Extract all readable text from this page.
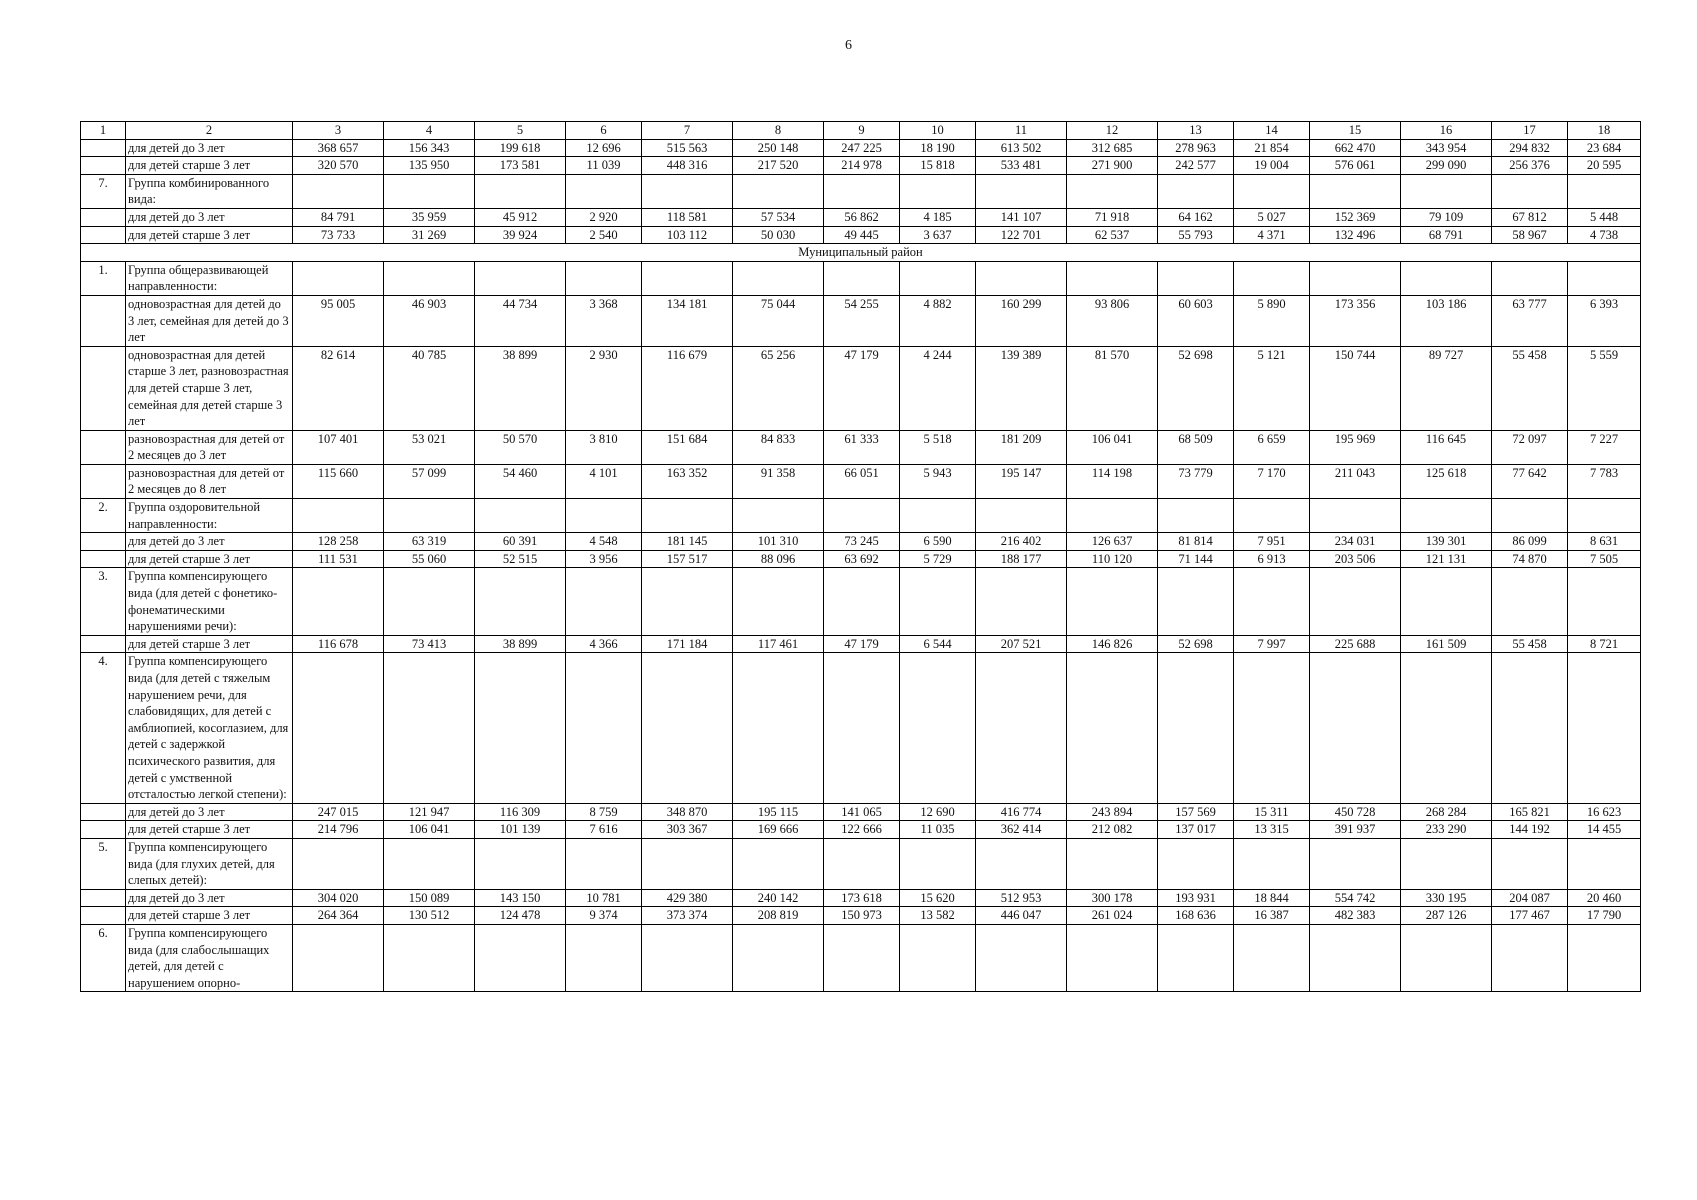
6
1	2	3	4	5	6	7	8	9	10	11	12	13	14	15	16	17	18
	для детей до 3 лет	368 657	156 343	199 618	12 696	515 563	250 148	247 225	18 190	613 502	312 685	278 963	21 854	662 470	343 954	294 832	23 684
	для детей старше 3 лет	320 570	135 950	173 581	11 039	448 316	217 520	214 978	15 818	533 481	271 900	242 577	19 004	576 061	299 090	256 376	20 595
7.	Группа комбинированного вида:																
	для детей до 3 лет	84 791	35 959	45 912	2 920	118 581	57 534	56 862	4 185	141 107	71 918	64 162	5 027	152 369	79 109	67 812	5 448
	для детей старше 3 лет	73 733	31 269	39 924	2 540	103 112	50 030	49 445	3 637	122 701	62 537	55 793	4 371	132 496	68 791	58 967	4 738
Муниципальный район																	
1.	Группа общеразвивающей направленности:																
	одновозрастная для детей до 3 лет, семейная для детей до 3 лет	95 005	46 903	44 734	3 368	134 181	75 044	54 255	4 882	160 299	93 806	60 603	5 890	173 356	103 186	63 777	6 393
	одновозрастная для детей старше 3 лет, разновозрастная для детей старше 3 лет, семейная для детей старше 3 лет	82 614	40 785	38 899	2 930	116 679	65 256	47 179	4 244	139 389	81 570	52 698	5 121	150 744	89 727	55 458	5 559
	разновозрастная для детей от 2 месяцев до 3 лет	107 401	53 021	50 570	3 810	151 684	84 833	61 333	5 518	181 209	106 041	68 509	6 659	195 969	116 645	72 097	7 227
	разновозрастная для детей от 2 месяцев до 8 лет	115 660	57 099	54 460	4 101	163 352	91 358	66 051	5 943	195 147	114 198	73 779	7 170	211 043	125 618	77 642	7 783
2.	Группа оздоровительной направленности:																
	для детей до 3 лет	128 258	63 319	60 391	4 548	181 145	101 310	73 245	6 590	216 402	126 637	81 814	7 951	234 031	139 301	86 099	8 631
	для детей старше 3 лет	111 531	55 060	52 515	3 956	157 517	88 096	63 692	5 729	188 177	110 120	71 144	6 913	203 506	121 131	74 870	7 505
3.	Группа компенсирующего вида (для детей с фонетико-фонематическими нарушениями речи):																
	для детей старше 3 лет	116 678	73 413	38 899	4 366	171 184	117 461	47 179	6 544	207 521	146 826	52 698	7 997	225 688	161 509	55 458	8 721
4.	Группа компенсирующего вида (для детей с тяжелым нарушением речи, для слабовидящих, для детей с амблиопией, косоглазием, для детей с задержкой психического развития, для детей с умственной отсталостью легкой степени):																
	для детей до 3 лет	247 015	121 947	116 309	8 759	348 870	195 115	141 065	12 690	416 774	243 894	157 569	15 311	450 728	268 284	165 821	16 623
	для детей старше 3 лет	214 796	106 041	101 139	7 616	303 367	169 666	122 666	11 035	362 414	212 082	137 017	13 315	391 937	233 290	144 192	14 455
5.	Группа компенсирующего вида (для глухих детей, для слепых детей):																
	для детей до 3 лет	304 020	150 089	143 150	10 781	429 380	240 142	173 618	15 620	512 953	300 178	193 931	18 844	554 742	330 195	204 087	20 460
	для детей старше 3 лет	264 364	130 512	124 478	9 374	373 374	208 819	150 973	13 582	446 047	261 024	168 636	16 387	482 383	287 126	177 467	17 790
6.	Группа компенсирующего вида (для слабослышащих детей, для детей с нарушением опорно-																
